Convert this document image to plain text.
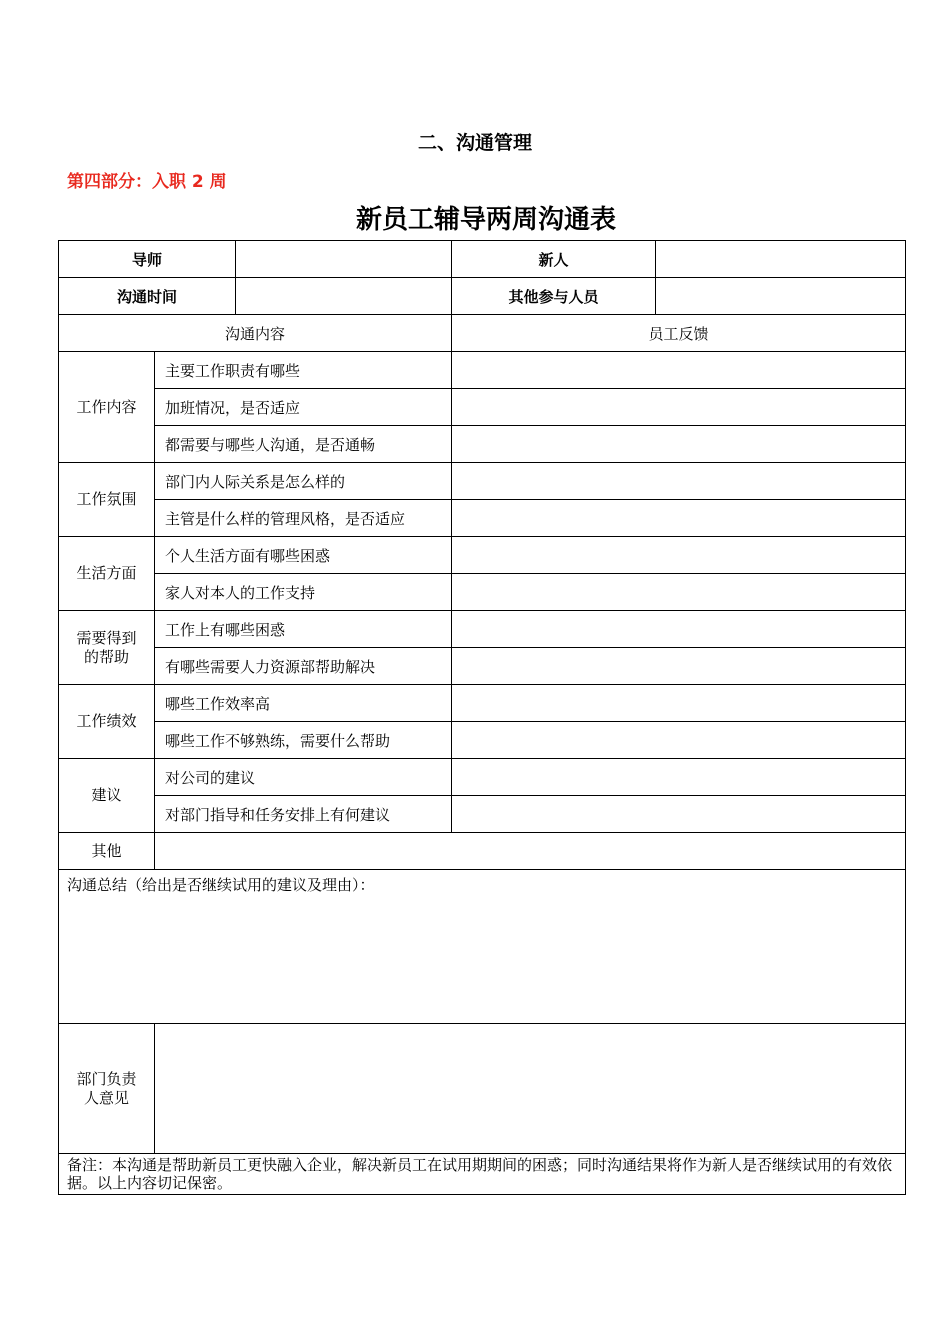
二、沟通管理
第四部分：入职 2 周
新员工辅导两周沟通表
导师			新人	
沟通时间			其他参与人员	
沟通内容			员工反馈	
工作内容	主要工作职责有哪些			
	加班情况，是否适应			
	都需要与哪些人沟通，是否通畅			
工作氛围	部门内人际关系是怎么样的			
	主管是什么样的管理风格，是否适应			
生活方面	个人生活方面有哪些困惑			
	家人对本人的工作支持			
需要得到的帮助	工作上有哪些困惑			
	有哪些需要人力资源部帮助解决			
工作绩效	哪些工作效率高			
	哪些工作不够熟练，需要什么帮助			
建议	对公司的建议			
	对部门指导和任务安排上有何建议			
其他				
沟通总结（给出是否继续试用的建议及理由）：				
部门负责人意见				
备注：本沟通是帮助新员工更快融入企业，解决新员工在试用期期间的困惑；同时沟通结果将作为新人是否继续试用的有效依据。以上内容切记保密。				
